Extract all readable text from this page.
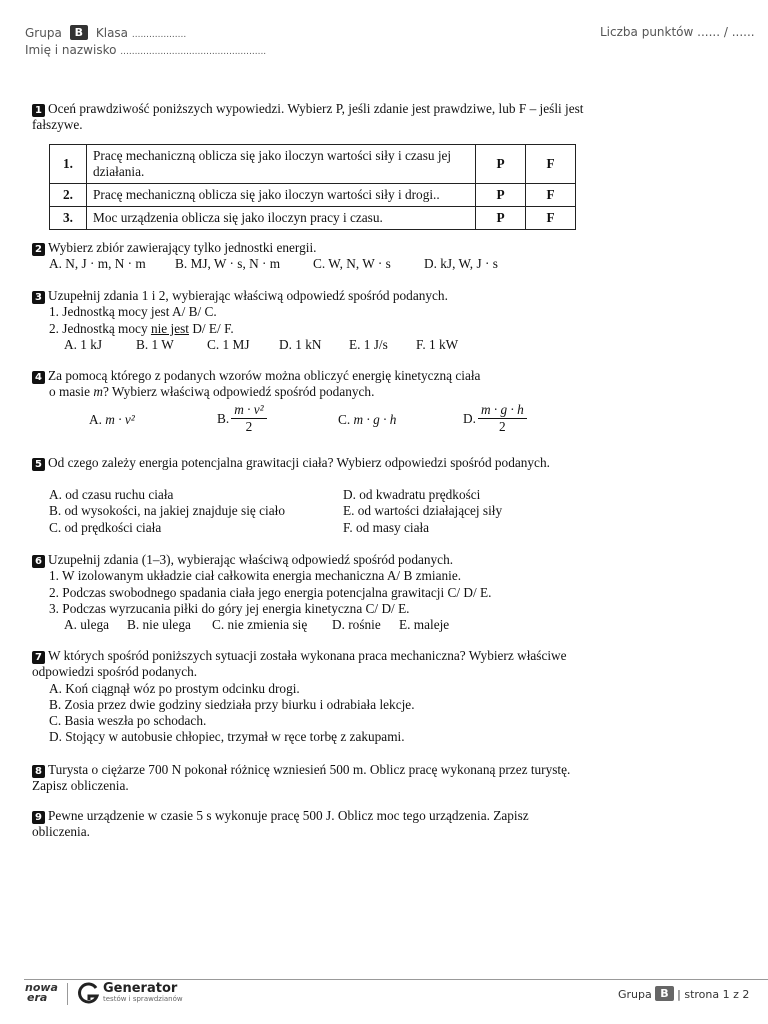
Grupa B Klasa ...................
Imię i nazwisko ...................................................
Liczba punktów ...... / ......
1 Oceń prawdziwość poniższych wypowiedzi. Wybierz P, jeśli zdanie jest prawdziwe, lub F – jeśli jest fałszywe.
1.	Pracę mechaniczną oblicza się jako iloczyn wartości siły i czasu jej działania.	P	F
2.	Pracę mechaniczną oblicza się jako iloczyn wartości siły i drogi..	P	F
3.	Moc urządzenia oblicza się jako iloczyn pracy i czasu.	P	F
2 Wybierz zbiór zawierający tylko jednostki energii.
A. N, J · m, N · m	B. MJ, W · s, N · m	C. W, N, W · s	D. kJ, W, J · s
3 Uzupełnij zdania 1 i 2, wybierając właściwą odpowiedź spośród podanych.
1. Jednostką mocy jest A/ B/ C.
2. Jednostką mocy nie jest D/ E/ F.
A. 1 kJ	B. 1 W	C. 1 MJ	D. 1 kN	E. 1 J/s	F. 1 kW
4 Za pomocą którego z podanych wzorów można obliczyć energię kinetyczną ciała
o masie m? Wybierz właściwą odpowiedź spośród podanych.
A. m · v²	B. $\frac{\text{m · v²}}{2}$	C. m · g · h	D. $\frac{m \cdot g \cdot h}{2}$
5 Od czego zależy energia potencjalna grawitacji ciała? Wybierz odpowiedzi spośród podanych.
A. od czasu ruchu ciała
B. od wysokości, na jakiej znajduje się ciało
C. od prędkości ciała
D. od kwadratu prędkości
E. od wartości działającej siły
F. od masy ciała
6 Uzupełnij zdania (1–3), wybierając właściwą odpowiedź spośród podanych.
1. W izolowanym układzie ciał całkowita energia mechaniczna A/ B zmianie.
2. Podczas swobodnego spadania ciała jego energia potencjalna grawitacji C/ D/ E.
3. Podczas wyrzucania piłki do góry jej energia kinetyczna C/ D/ E.
A. ulega	B. nie ulega	C. nie zmienia się	D. rośnie	E. maleje
7 W których spośród poniższych sytuacji została wykonana praca mechaniczna? Wybierz właściwe odpowiedzi spośród podanych.
A. Koń ciągnął wóz po prostym odcinku drogi.
B. Zosia przez dwie godziny siedziała przy biurku i odrabiała lekcje.
C. Basia weszła po schodach.
D. Stojący w autobusie chłopiec, trzymał w ręce torbę z zakupami.
8 Turysta o ciężarze 700 N pokonał różnicę wzniesień 500 m. Oblicz pracę wykonaną przez turystę. Zapisz obliczenia.
9 Pewne urządzenie w czasie 5 s wykonuje pracę 500 J. Oblicz moc tego urządzenia. Zapisz obliczenia.
nowa
era
Generator
testów i sprawdzianów	Grupa B | strona 1 z 2
